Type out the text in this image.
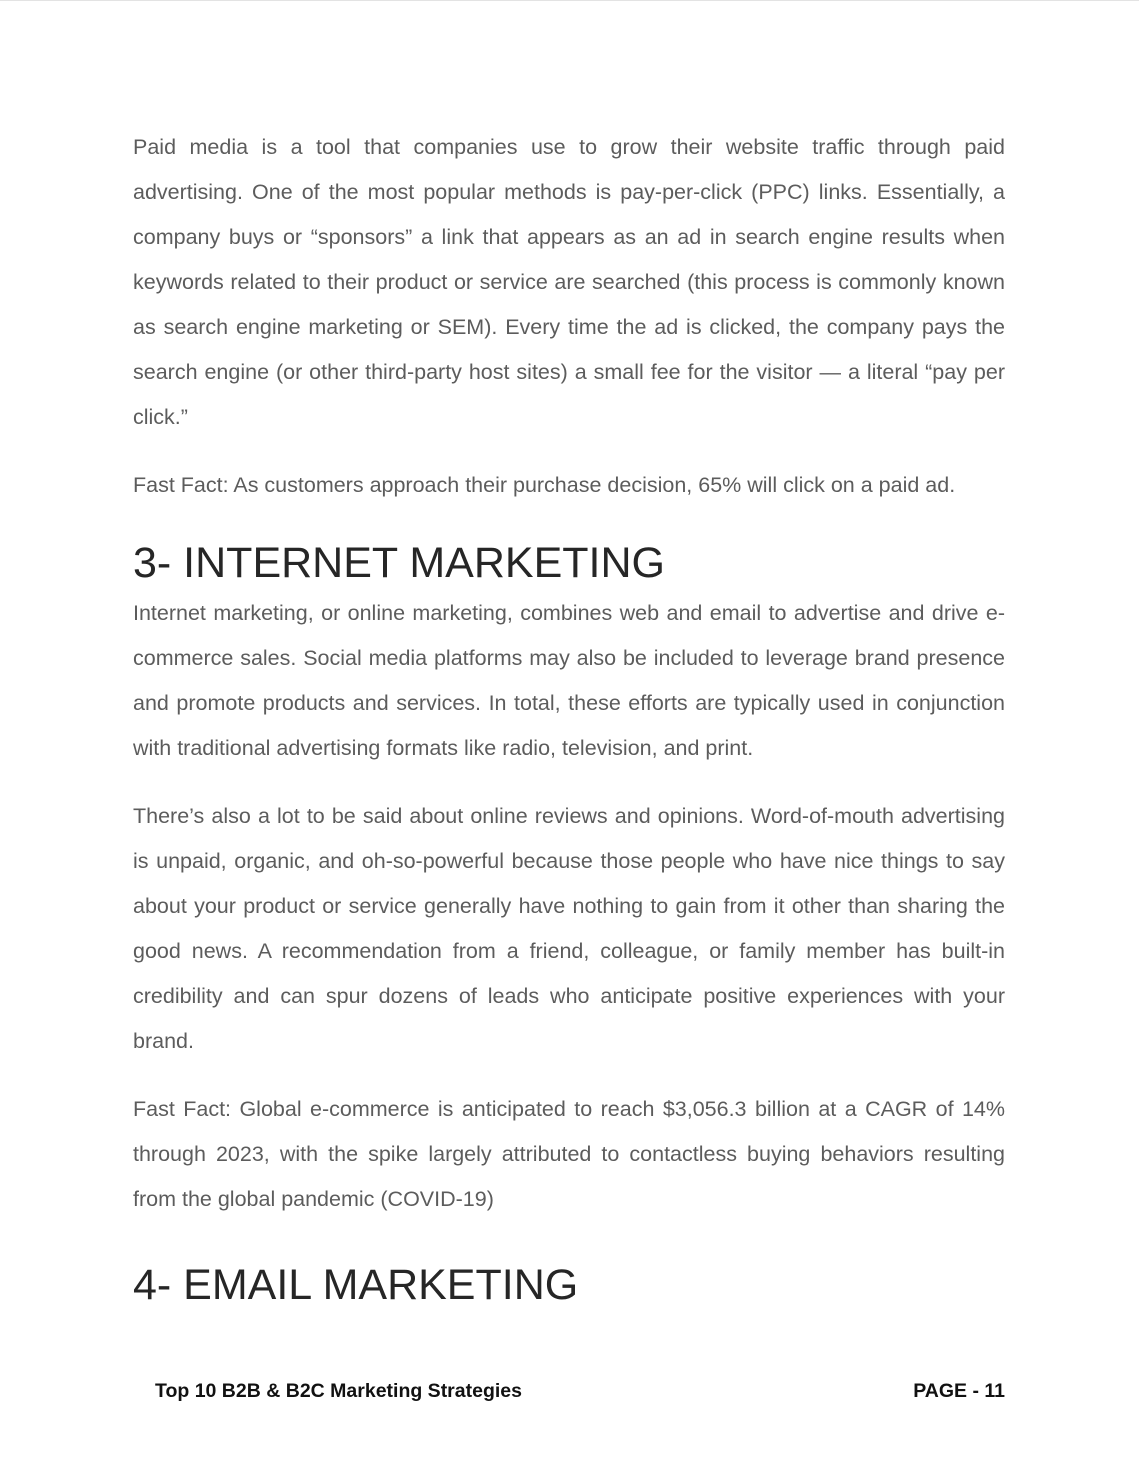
Paid media is a tool that companies use to grow their website traffic through paid advertising. One of the most popular methods is pay-per-click (PPC) links. Essentially, a company buys or “sponsors” a link that appears as an ad in search engine results when keywords related to their product or service are searched (this process is commonly known as search engine marketing or SEM). Every time the ad is clicked, the company pays the search engine (or other third-party host sites) a small fee for the visitor — a literal “pay per click.”

Fast Fact: As customers approach their purchase decision, 65% will click on a paid ad.

3- INTERNET MARKETING

Internet marketing, or online marketing, combines web and email to advertise and drive e-commerce sales. Social media platforms may also be included to leverage brand presence and promote products and services. In total, these efforts are typically used in conjunction with traditional advertising formats like radio, television, and print.

There’s also a lot to be said about online reviews and opinions. Word-of-mouth advertising is unpaid, organic, and oh-so-powerful because those people who have nice things to say about your product or service generally have nothing to gain from it other than sharing the good news. A recommendation from a friend, colleague, or family member has built-in credibility and can spur dozens of leads who anticipate positive experiences with your brand.

Fast Fact: Global e-commerce is anticipated to reach $3,056.3 billion at a CAGR of 14% through 2023, with the spike largely attributed to contactless buying behaviors resulting from the global pandemic (COVID-19)

4- EMAIL MARKETING
Top 10 B2B & B2C Marketing Strategies	PAGE - 11
